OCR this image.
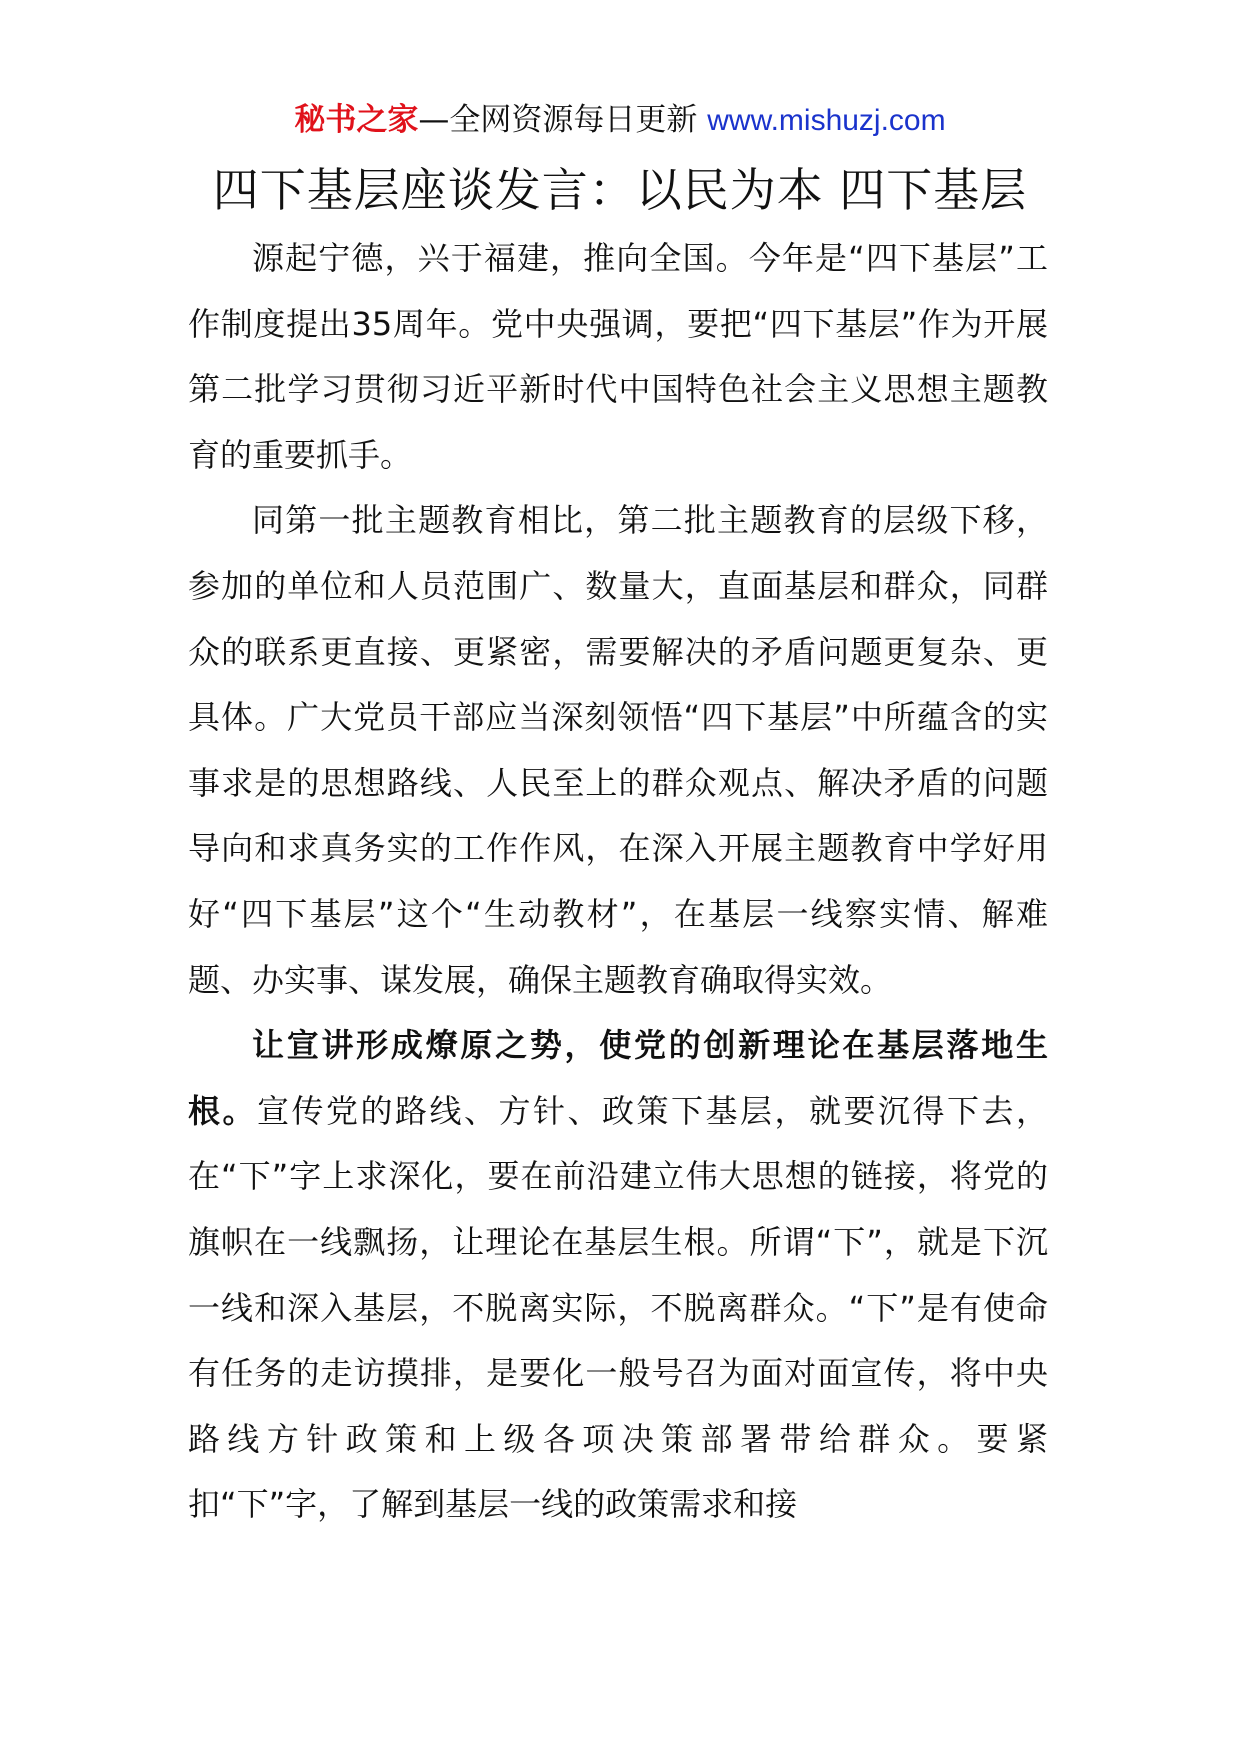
秘书之家—全网资源每日更新 www.mishuzj.com
四下基层座谈发言：以民为本 四下基层

源起宁德，兴于福建，推向全国。今年是“四下基层”工作制度提出35周年。党中央强调，要把“四下基层”作为开展第二批学习贯彻习近平新时代中国特色社会主义思想主题教育的重要抓手。

同第一批主题教育相比，第二批主题教育的层级下移，参加的单位和人员范围广、数量大，直面基层和群众，同群众的联系更直接、更紧密，需要解决的矛盾问题更复杂、更具体。广大党员干部应当深刻领悟“四下基层”中所蕴含的实事求是的思想路线、人民至上的群众观点、解决矛盾的问题导向和求真务实的工作作风，在深入开展主题教育中学好用好“四下基层”这个“生动教材”，在基层一线察实情、解难题、办实事、谋发展，确保主题教育确取得实效。

让宣讲形成燎原之势，使党的创新理论在基层落地生根。宣传党的路线、方针、政策下基层，就要沉得下去，在“下”字上求深化，要在前沿建立伟大思想的链接，将党的旗帜在一线飘扬，让理论在基层生根。所谓“下”，就是下沉一线和深入基层，不脱离实际，不脱离群众。“下”是有使命有任务的走访摸排，是要化一般号召为面对面宣传，将中央路线方针政策和上级各项决策部署带给群众。要紧扣“下”字，了解到基层一线的政策需求和接
